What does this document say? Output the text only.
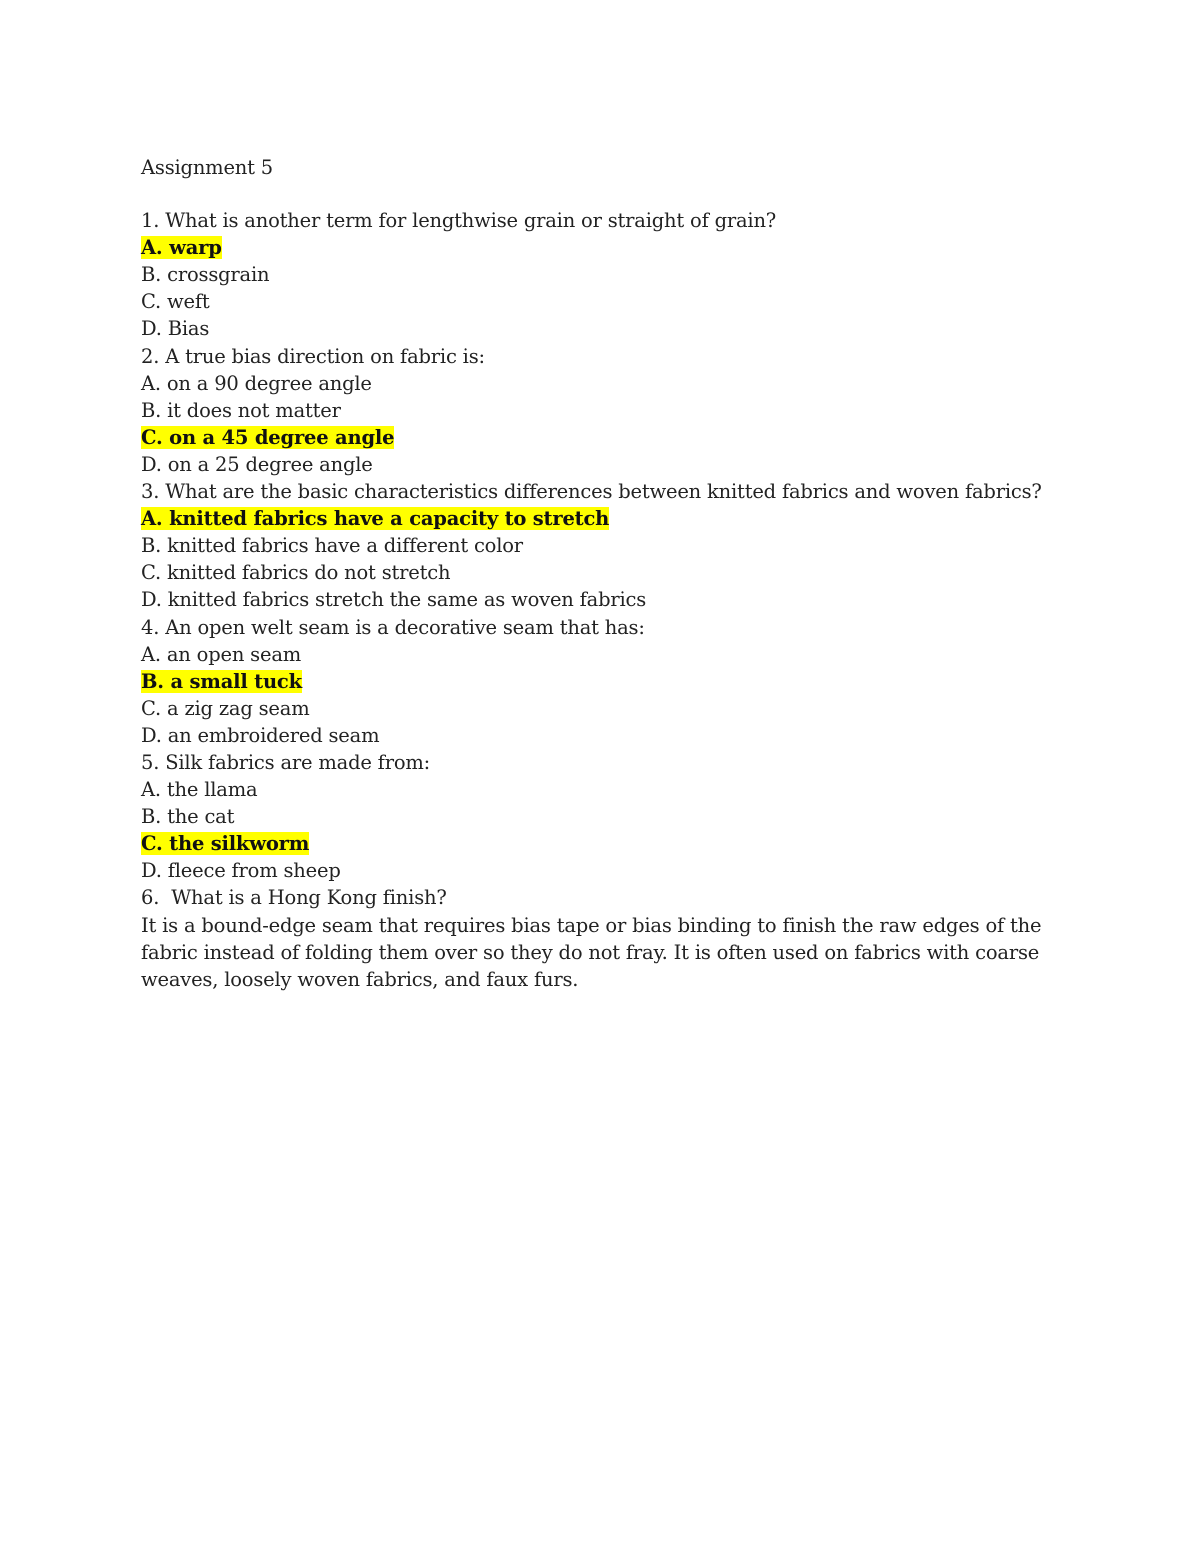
Assignment 5
1. What is another term for lengthwise grain or straight of grain?
A. warp
B. crossgrain
C. weft
D. Bias
2. A true bias direction on fabric is:
A. on a 90 degree angle
B. it does not matter
C. on a 45 degree angle
D. on a 25 degree angle
3. What are the basic characteristics differences between knitted fabrics and woven fabrics?
A. knitted fabrics have a capacity to stretch
B. knitted fabrics have a different color
C. knitted fabrics do not stretch
D. knitted fabrics stretch the same as woven fabrics
4. An open welt seam is a decorative seam that has:
A. an open seam
B. a small tuck
C. a zig zag seam
D. an embroidered seam
5. Silk fabrics are made from:
A. the llama
B. the cat
C. the silkworm
D. fleece from sheep
6.  What is a Hong Kong finish?
It is a bound-edge seam that requires bias tape or bias binding to finish the raw edges of the fabric instead of folding them over so they do not fray. It is often used on fabrics with coarse weaves, loosely woven fabrics, and faux furs.
